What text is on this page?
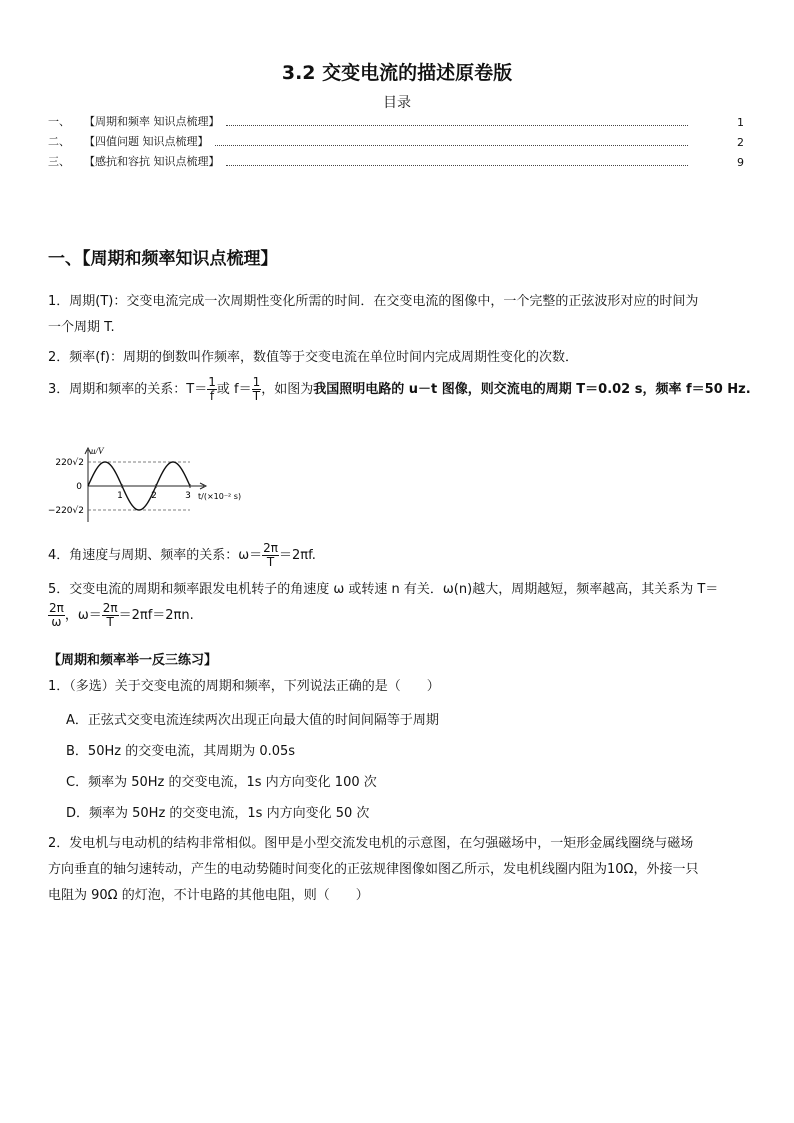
3.2 交变电流的描述原卷版
目录
一、	【周期和频率 知识点梳理】	1
二、	【四值问题 知识点梳理】	2
三、	【感抗和容抗 知识点梳理】	9
一、【周期和频率知识点梳理】
1．周期(T)：交变电流完成一次周期性变化所需的时间．在交变电流的图像中，一个完整的正弦波形对应的时间为
一个周期 T.
2．频率(f)：周期的倒数叫作频率，数值等于交变电流在单位时间内完成周期性变化的次数．
3．周期和频率的关系：$T= \frac{1}{f}$ 或 $f= \frac{1}{T}$ ，如图为我国照明电路的 u－t 图像，则交流电的周期 T＝0.02 s，频率 f＝50 Hz.
u/V
220√2
0
−220√2
1	2	3 t/(×10⁻² s)
4．角速度与周期、频率的关系：$\omega= \frac{2\pi}{T} =2\pi f$.
5．交变电流的周期和频率跟发电机转子的角速度 ω 或转速 n 有关．ω(n)越大，周期越短，频率越高，其关系为 T＝
$\frac{2\pi}{\omega}$ ，$\omega= \frac{2\pi}{T} =2\pi f=2\pi n$.
【周期和频率举一反三练习】
1．（多选）关于交变电流的周期和频率，下列说法正确的是（　　）
A．正弦式交变电流连续两次出现正向最大值的时间间隔等于周期
B．50Hz 的交变电流，其周期为 0.05s
C．频率为 50Hz 的交变电流，1s 内方向变化 100 次
D．频率为 50Hz 的交变电流，1s 内方向变化 50 次
2．发电机与电动机的结构非常相似。图甲是小型交流发电机的示意图，在匀强磁场中，一矩形金属线圈绕与磁场
方向垂直的轴匀速转动，产生的电动势随时间变化的正弦规律图像如图乙所示，发电机线圈内阻为10Ω，外接一只
电阻为 90Ω 的灯泡，不计电路的其他电阻，则（　　）
